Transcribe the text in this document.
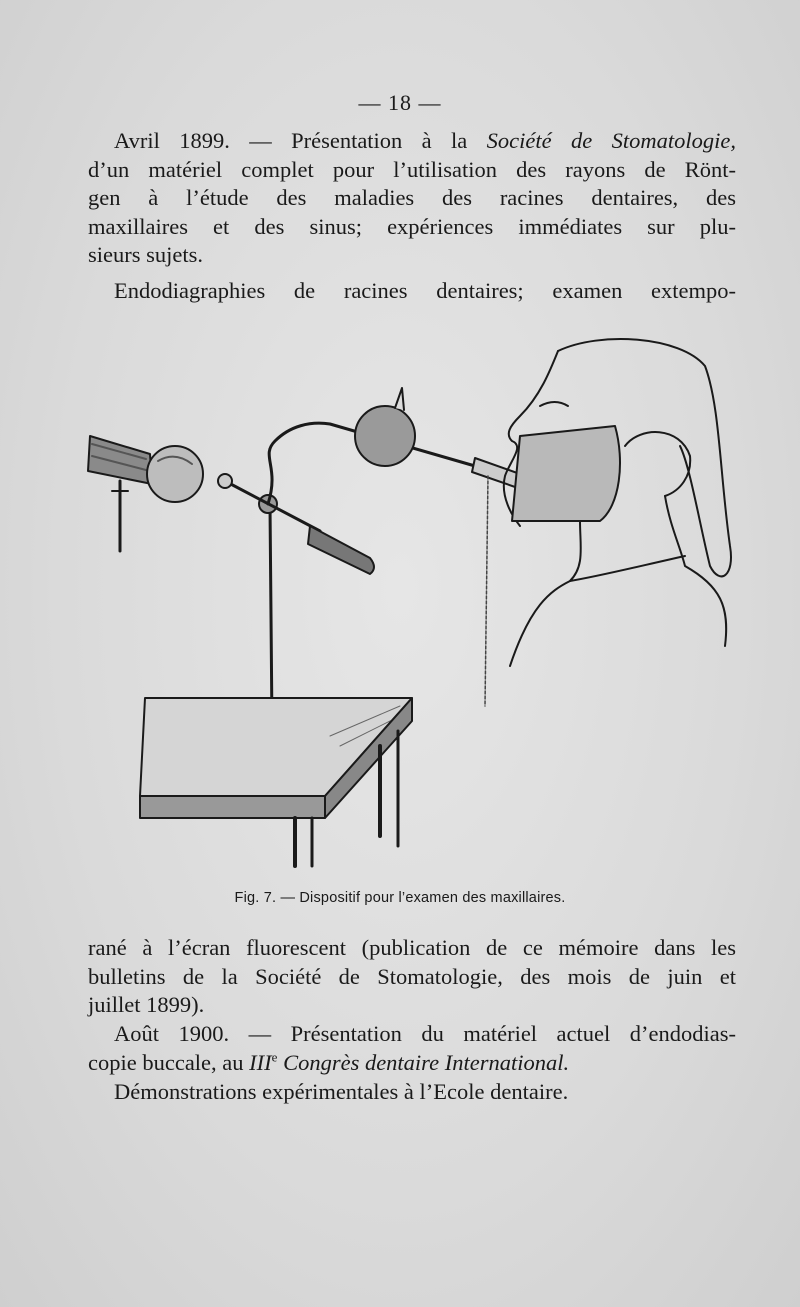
— 18 —
Avril 1899. — Présentation à la Société de Stomatologie,
d’un matériel complet pour l’utilisation des rayons de Rönt-
gen à l’étude des maladies des racines dentaires, des
maxillaires et des sinus; expériences immédiates sur plu-
sieurs sujets.
Endodiagraphies de racines dentaires; examen extempo-
Fig. 7. — Dispositif pour l’examen des maxillaires.
rané à l’écran fluorescent (publication de ce mémoire dans les
bulletins de la Société de Stomatologie, des mois de juin et
juillet 1899).
Août 1900. — Présentation du matériel actuel d’endodias-
copie buccale, au IIIe Congrès dentaire International.
Démonstrations expérimentales à l’Ecole dentaire.
